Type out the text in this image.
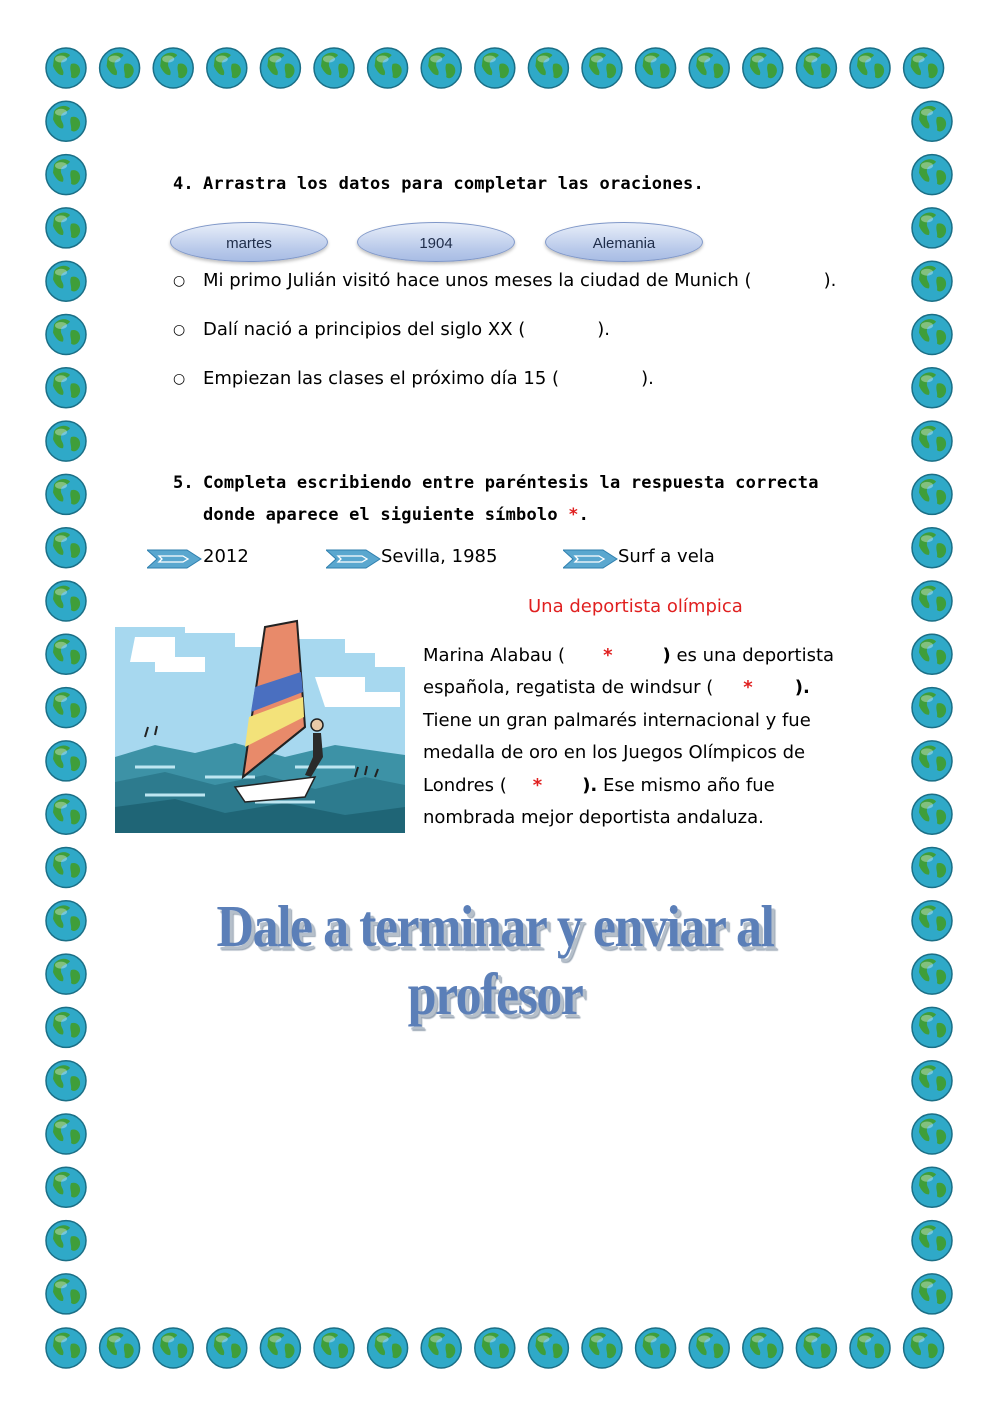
4. Arrastra los datos para completar las oraciones.
martes	1904	Alemania
○ Mi primo Julián visitó hace unos meses la ciudad de Munich (	).
○ Dalí nació a principios del siglo XX (	).
○ Empiezan las clases el próximo día 15 (	).
5. Completa escribiendo entre paréntesis la respuesta correcta
donde aparece el siguiente símbolo *.
2012	Sevilla, 1985	Surf a vela
Una deportista olímpica
Marina Alabau ( *	) es una deportista española, regatista de windsur ( * ). Tiene un gran palmarés internacional y fue medalla de oro en los Juegos Olímpicos de Londres ( * ). Ese mismo año fue nombrada mejor deportista andaluza.
Dale a terminar y enviar al profesor
